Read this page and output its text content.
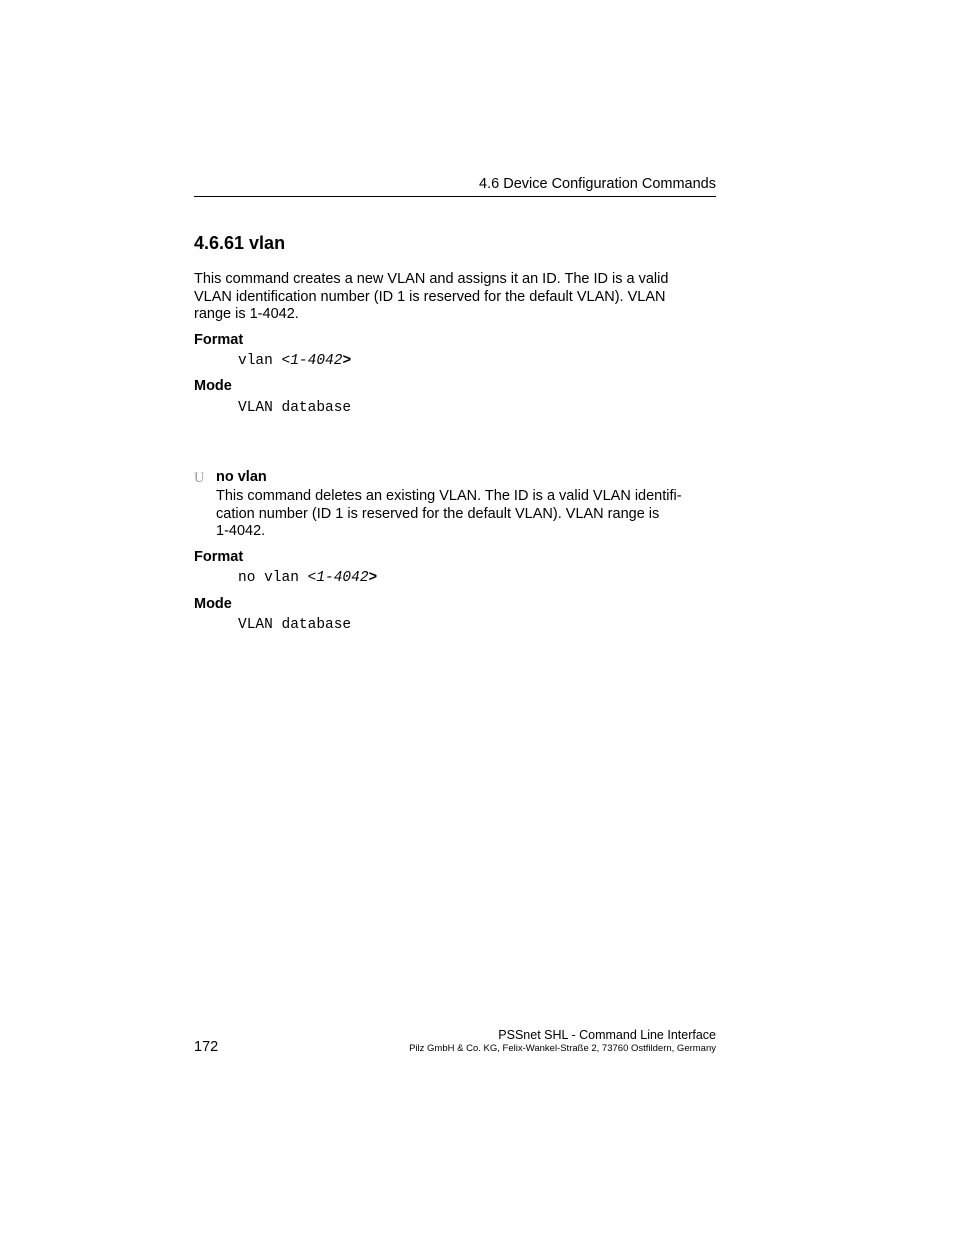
4.6 Device Configuration Commands
4.6.61 vlan
This command creates a new VLAN and assigns it an ID. The ID is a valid
VLAN identification number (ID 1 is reserved for the default VLAN). VLAN
range is 1-4042.
Format
vlan <1-4042>
Mode
VLAN database
U no vlan
This command deletes an existing VLAN. The ID is a valid VLAN identifi-
cation number (ID 1 is reserved for the default VLAN). VLAN range is
1-4042.
Format
no vlan <1-4042>
Mode
VLAN database
PSSnet SHL - Command Line Interface
Pilz GmbH & Co. KG, Felix-Wankel-Straße 2, 73760 Ostfildern, Germany
172
